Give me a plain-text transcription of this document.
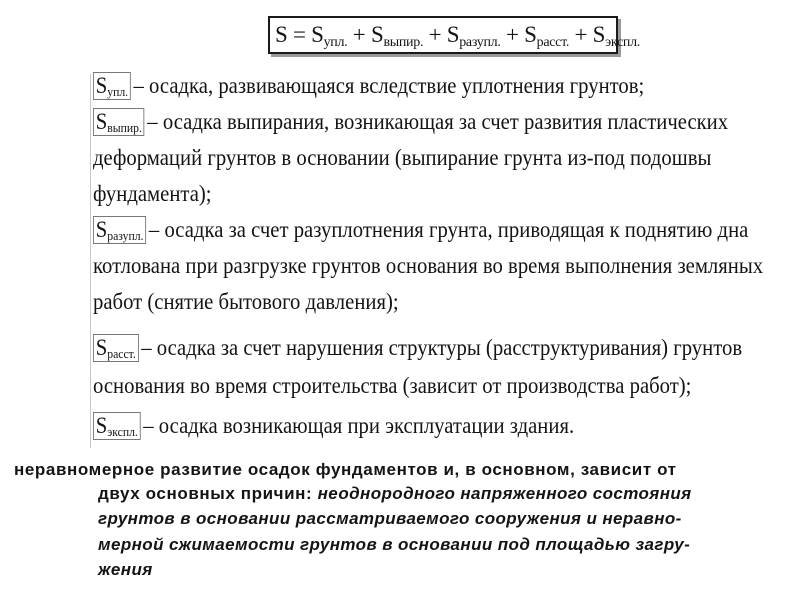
$S = S_{упл.} + S_{выпир.} + S_{разупл.} + S_{расст.} + S_{экспл.}$
$S_{упл.}$ – осадка, развивающаяся вследствие уплотнения грунтов;
$S_{выпир.}$ – осадка выпирания, возникающая за счет развития пластических
деформаций грунтов в основании (выпирание грунта из-под подошвы
фундамента);
$S_{разупл.}$ – осадка за счет разуплотнения грунта, приводящая к поднятию дна
котлована при разгрузке грунтов основания во время выполнения земляных
работ (снятие бытового давления);
$S_{расст.}$ – осадка за счет нарушения структуры (расструктуривания) грунтов
основания во время строительства (зависит от производства работ);
$S_{экспл.}$ – осадка возникающая при эксплуатации здания.
неравномерное развитие осадок фундаментов и, в основном, зависит от
двух основных причин: неоднородного напряженного состояния
грунтов в основании рассматриваемого сооружения и неравно-
мерной сжимаемости грунтов в основании под площадью загру-
жения
